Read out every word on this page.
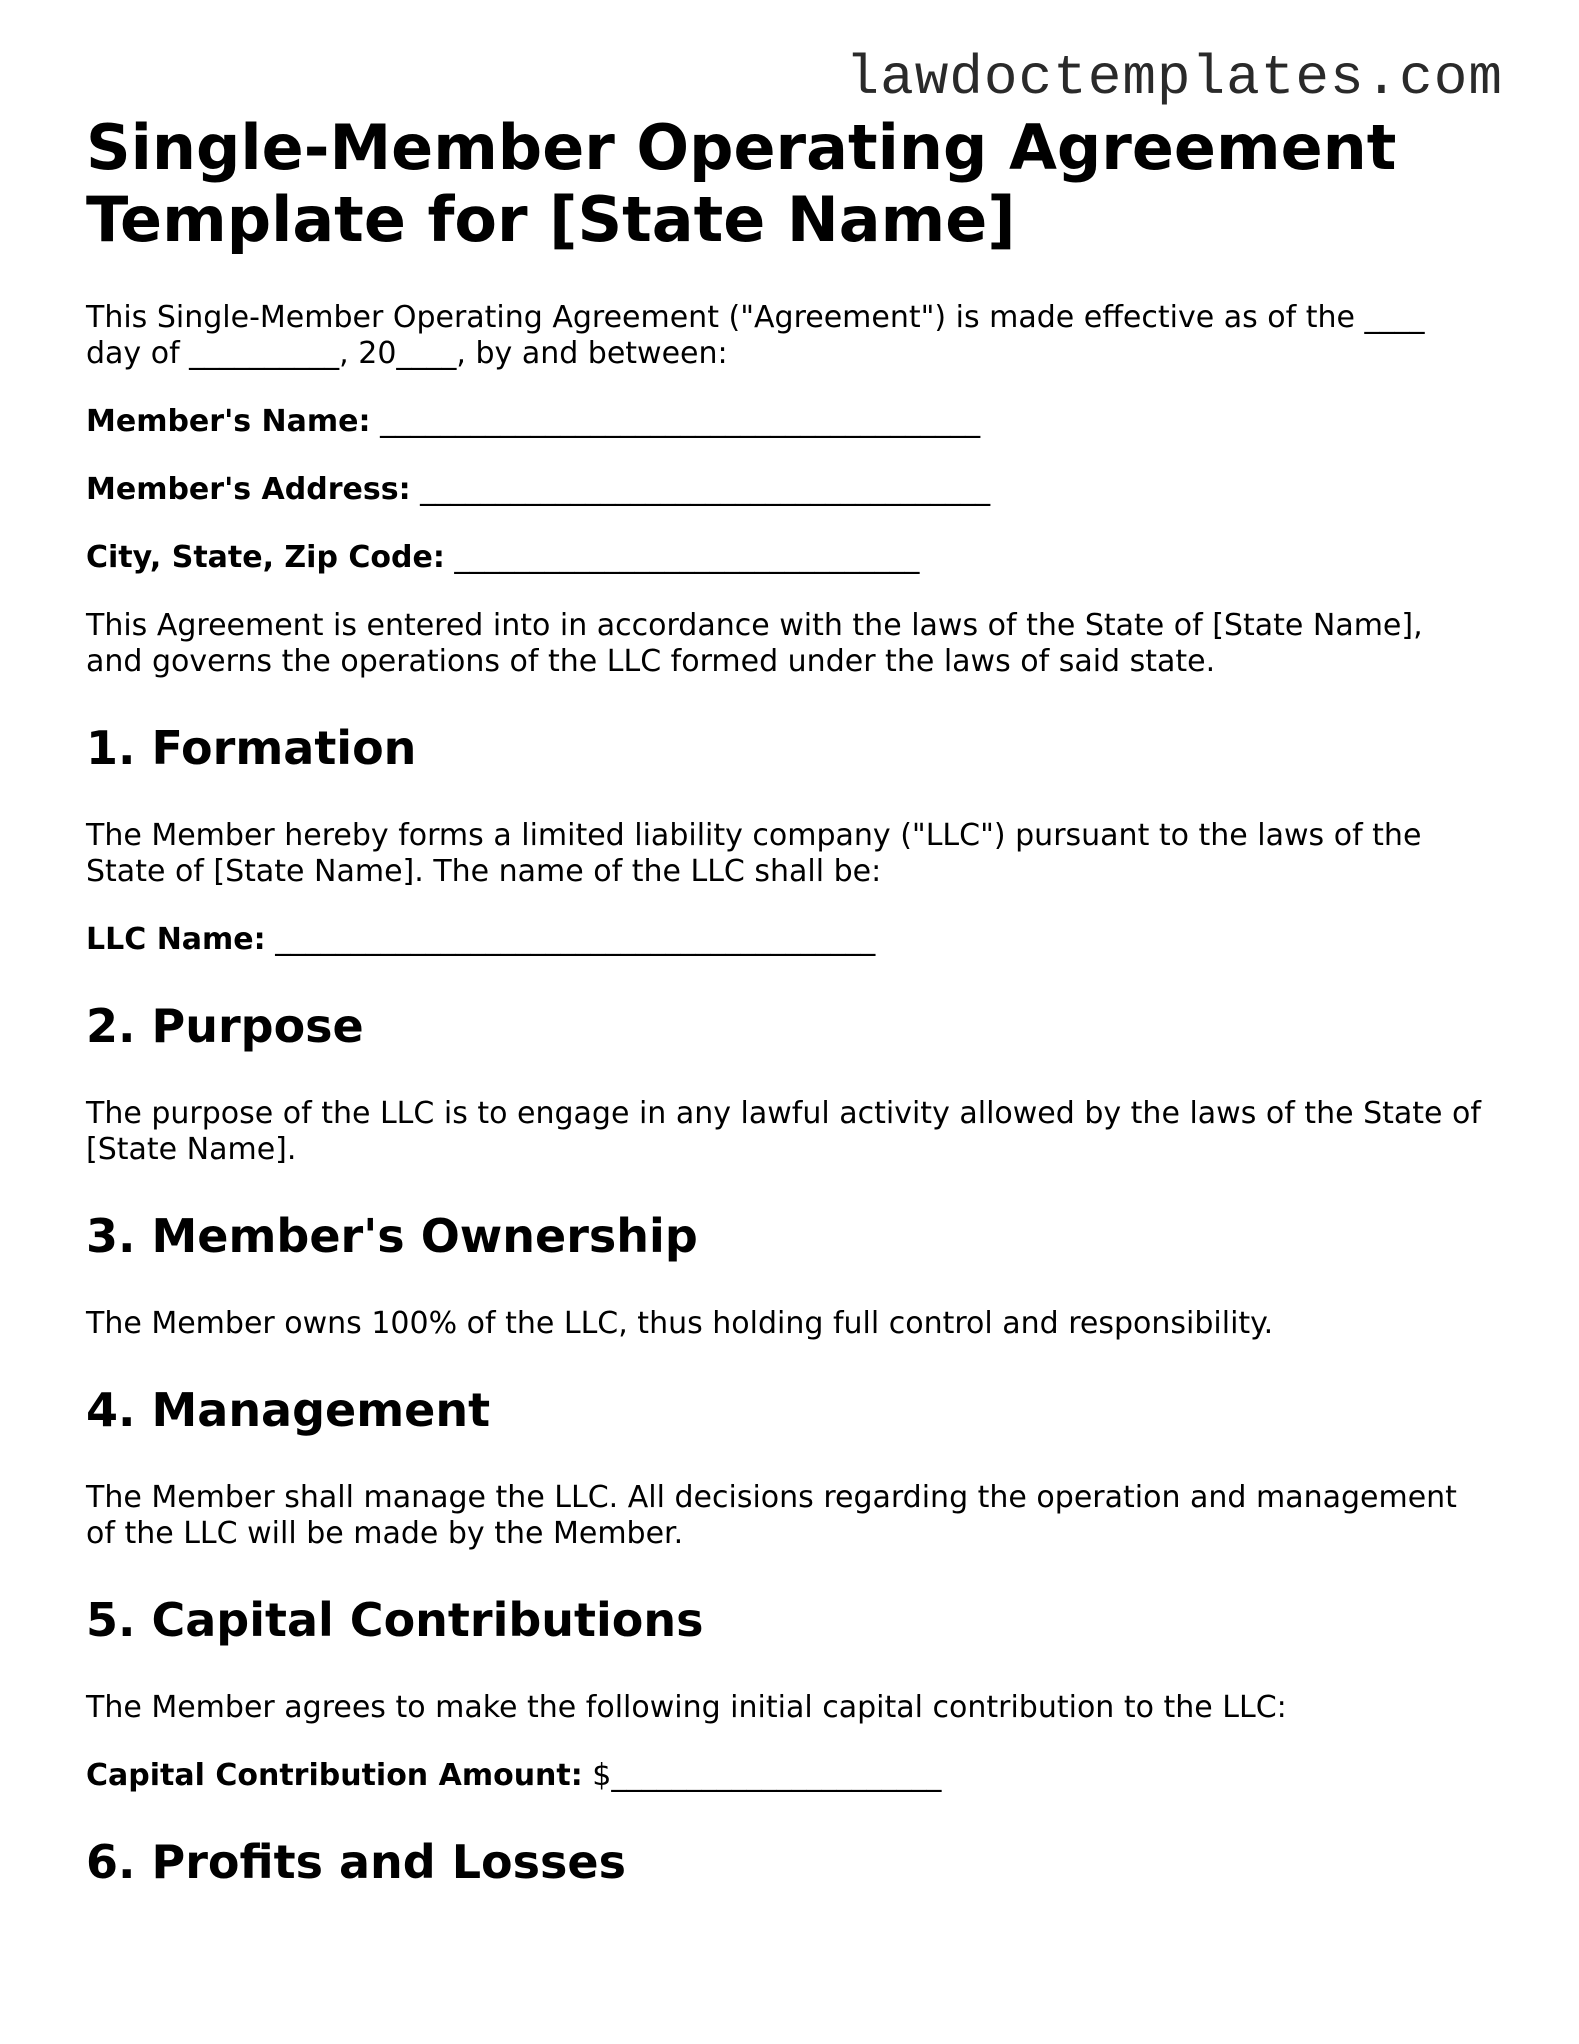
lawdoctemplates.com
Single-Member Operating Agreement Template for [State Name]

This Single-Member Operating Agreement ("Agreement") is made effective as of the ____ day of __________, 20____, by and between:

Member's Name: ________________________________________
Member's Address: ______________________________________
City, State, Zip Code: _______________________________

This Agreement is entered into in accordance with the laws of the State of [State Name], and governs the operations of the LLC formed under the laws of said state.

1. Formation

The Member hereby forms a limited liability company ("LLC") pursuant to the laws of the State of [State Name]. The name of the LLC shall be:

LLC Name: ________________________________________
2. Purpose

The purpose of the LLC is to engage in any lawful activity allowed by the laws of the State of [State Name].

3. Member's Ownership

The Member owns 100% of the LLC, thus holding full control and responsibility.

4. Management

The Member shall manage the LLC. All decisions regarding the operation and management of the LLC will be made by the Member.

5. Capital Contributions

The Member agrees to make the following initial capital contribution to the LLC:

Capital Contribution Amount: $______________________
6. Profits and Losses
